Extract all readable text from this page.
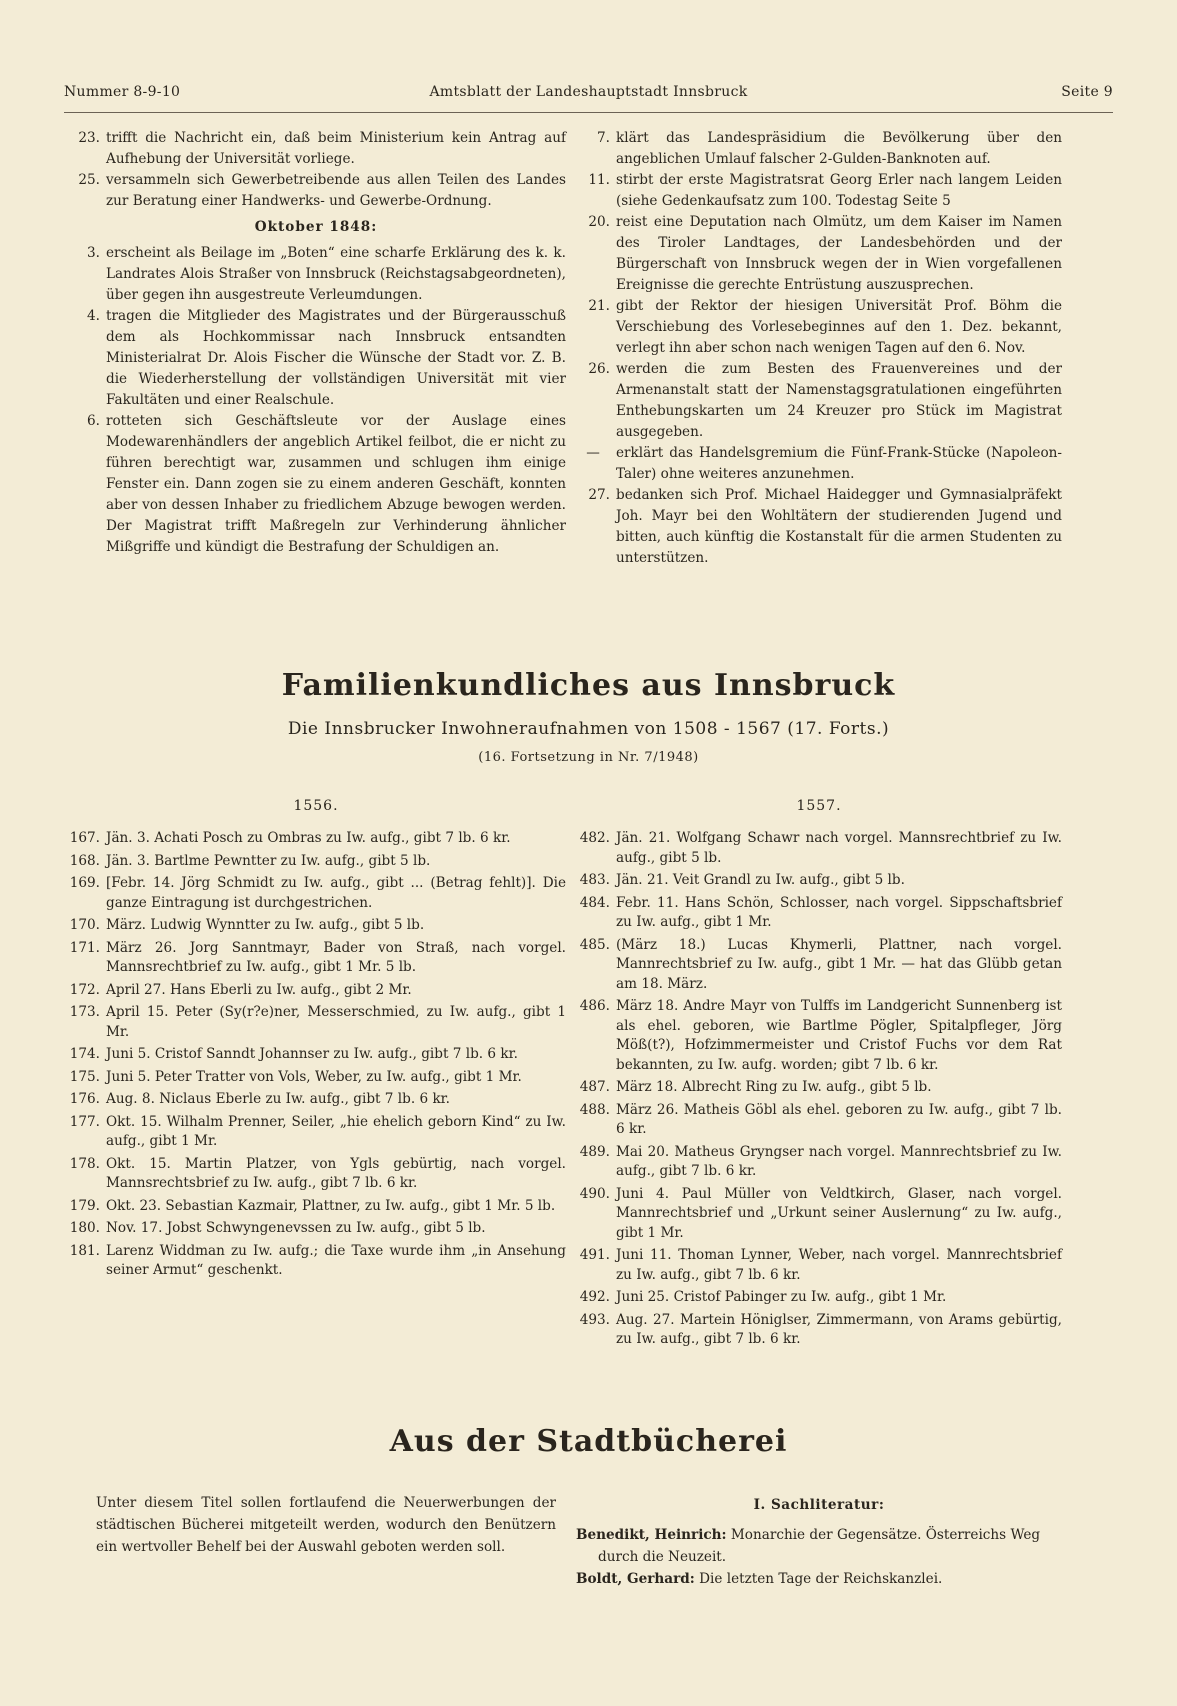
Nummer 8-9-10	Amtsblatt der Landeshauptstadt Innsbruck	Seite 9
23. trifft die Nachricht ein, daß beim Ministerium kein Antrag auf Aufhebung der Universität vorliege.
25. versammeln sich Gewerbetreibende aus allen Teilen des Landes zur Beratung einer Handwerks- und Gewerbe-Ordnung.
Oktober 1848:
3. erscheint als Beilage im „Boten“ eine scharfe Erklärung des k. k. Landrates Alois Straßer von Innsbruck (Reichstagsabgeordneten), über gegen ihn ausgestreute Verleumdungen.
4. tragen die Mitglieder des Magistrates und der Bürgerausschuß dem als Hochkommissar nach Innsbruck entsandten Ministerialrat Dr. Alois Fischer die Wünsche der Stadt vor. Z. B. die Wiederherstellung der vollständigen Universität mit vier Fakultäten und einer Realschule.
6. rotteten sich Geschäftsleute vor der Auslage eines Modewarenhändlers der angeblich Artikel feilbot, die er nicht zu führen berechtigt war, zusammen und schlugen ihm einige Fenster ein. Dann zogen sie zu einem anderen Geschäft, konnten aber von dessen Inhaber zu friedlichem Abzuge bewogen werden. Der Magistrat trifft Maßregeln zur Verhinderung ähnlicher Mißgriffe und kündigt die Bestrafung der Schuldigen an.
7. klärt das Landespräsidium die Bevölkerung über den angeblichen Umlauf falscher 2-Gulden-Banknoten auf.
11. stirbt der erste Magistratsrat Georg Erler nach langem Leiden (siehe Gedenkaufsatz zum 100. Todestag Seite 5
20. reist eine Deputation nach Olmütz, um dem Kaiser im Namen des Tiroler Landtages, der Landesbehörden und der Bürgerschaft von Innsbruck wegen der in Wien vorgefallenen Ereignisse die gerechte Entrüstung auszusprechen.
21. gibt der Rektor der hiesigen Universität Prof. Böhm die Verschiebung des Vorlesebeginnes auf den 1. Dez. bekannt, verlegt ihn aber schon nach wenigen Tagen auf den 6. Nov.
26. werden die zum Besten des Frauenvereines und der Armenanstalt statt der Namenstagsgratulationen eingeführten Enthebungskarten um 24 Kreuzer pro Stück im Magistrat ausgegeben.
—	erklärt das Handelsgremium die Fünf-Frank-Stücke (Napoleon-Taler) ohne weiteres anzunehmen.
27. bedanken sich Prof. Michael Haidegger und Gymnasialpräfekt Joh. Mayr bei den Wohltätern der studierenden Jugend und bitten, auch künftig die Kostanstalt für die armen Studenten zu unterstützen.
Familienkundliches aus Innsbruck
Die Innsbrucker Inwohneraufnahmen von 1508 - 1567 (17. Forts.)
(16. Fortsetzung in Nr. 7/1948)
1556.	1557.
167. Jän. 3. Achati Posch zu Ombras zu Iw. aufg., gibt 7 lb. 6 kr.
168. Jän. 3. Bartlme Pewntter zu Iw. aufg., gibt 5 lb.
169. [Febr. 14. Jörg Schmidt zu Iw. aufg., gibt ... (Betrag fehlt)]. Die ganze Eintragung ist durchgestrichen.
170. März. Ludwig Wynntter zu Iw. aufg., gibt 5 lb.
171. März 26. Jorg Sanntmayr, Bader von Straß, nach vorgel. Mannsrechtbrief zu Iw. aufg., gibt 1 Mr. 5 lb.
172. April 27. Hans Eberli zu Iw. aufg., gibt 2 Mr.
173. April 15. Peter (Sy(r?e)ner, Messerschmied, zu Iw. aufg., gibt 1 Mr.
174. Juni 5. Cristof Sanndt Johannser zu Iw. aufg., gibt 7 lb. 6 kr.
175. Juni 5. Peter Tratter von Vols, Weber, zu Iw. aufg., gibt 1 Mr.
176. Aug. 8. Niclaus Eberle zu Iw. aufg., gibt 7 lb. 6 kr.
177. Okt. 15. Wilhalm Prenner, Seiler, „hie ehelich geborn Kind“ zu Iw. aufg., gibt 1 Mr.
178. Okt. 15. Martin Platzer, von Ygls gebürtig, nach vorgel. Mannsrechtsbrief zu Iw. aufg., gibt 7 lb. 6 kr.
179. Okt. 23. Sebastian Kazmair, Plattner, zu Iw. aufg., gibt 1 Mr. 5 lb.
180. Nov. 17. Jobst Schwyngenevssen zu Iw. aufg., gibt 5 lb.
181. Larenz Widdman zu Iw. aufg.; die Taxe wurde ihm „in Ansehung seiner Armut“ geschenkt.
482. Jän. 21. Wolfgang Schawr nach vorgel. Mannsrechtbrief zu Iw. aufg., gibt 5 lb.
483. Jän. 21. Veit Grandl zu Iw. aufg., gibt 5 lb.
484. Febr. 11. Hans Schön, Schlosser, nach vorgel. Sippschaftsbrief zu Iw. aufg., gibt 1 Mr.
485. (März 18.) Lucas Khymerli, Plattner, nach vorgel. Mannrechtsbrief zu Iw. aufg., gibt 1 Mr. — hat das Glübb getan am 18. März.
486. März 18. Andre Mayr von Tulffs im Landgericht Sunnenberg ist als ehel. geboren, wie Bartlme Pögler, Spitalpfleger, Jörg Möß(t?), Hofzimmermeister und Cristof Fuchs vor dem Rat bekannten, zu Iw. aufg. worden; gibt 7 lb. 6 kr.
487. März 18. Albrecht Ring zu Iw. aufg., gibt 5 lb.
488. März 26. Matheis Göbl als ehel. geboren zu Iw. aufg., gibt 7 lb. 6 kr.
489. Mai 20. Matheus Gryngser nach vorgel. Mannrechtsbrief zu Iw. aufg., gibt 7 lb. 6 kr.
490. Juni 4. Paul Müller von Veldtkirch, Glaser, nach vorgel. Mannrechtsbrief und „Urkunt seiner Auslernung“ zu Iw. aufg., gibt 1 Mr.
491. Juni 11. Thoman Lynner, Weber, nach vorgel. Mannrechtsbrief zu Iw. aufg., gibt 7 lb. 6 kr.
492. Juni 25. Cristof Pabinger zu Iw. aufg., gibt 1 Mr.
493. Aug. 27. Martein Höniglser, Zimmermann, von Arams gebürtig, zu Iw. aufg., gibt 7 lb. 6 kr.
Aus der Stadtbücherei
Unter diesem Titel sollen fortlaufend die Neuerwerbungen der städtischen Bücherei mitgeteilt werden, wodurch den Benützern ein wertvoller Behelf bei der Auswahl geboten werden soll.
I. Sachliteratur:
Benedikt, Heinrich: Monarchie der Gegensätze. Österreichs Weg durch die Neuzeit.
Boldt, Gerhard: Die letzten Tage der Reichskanzlei.
